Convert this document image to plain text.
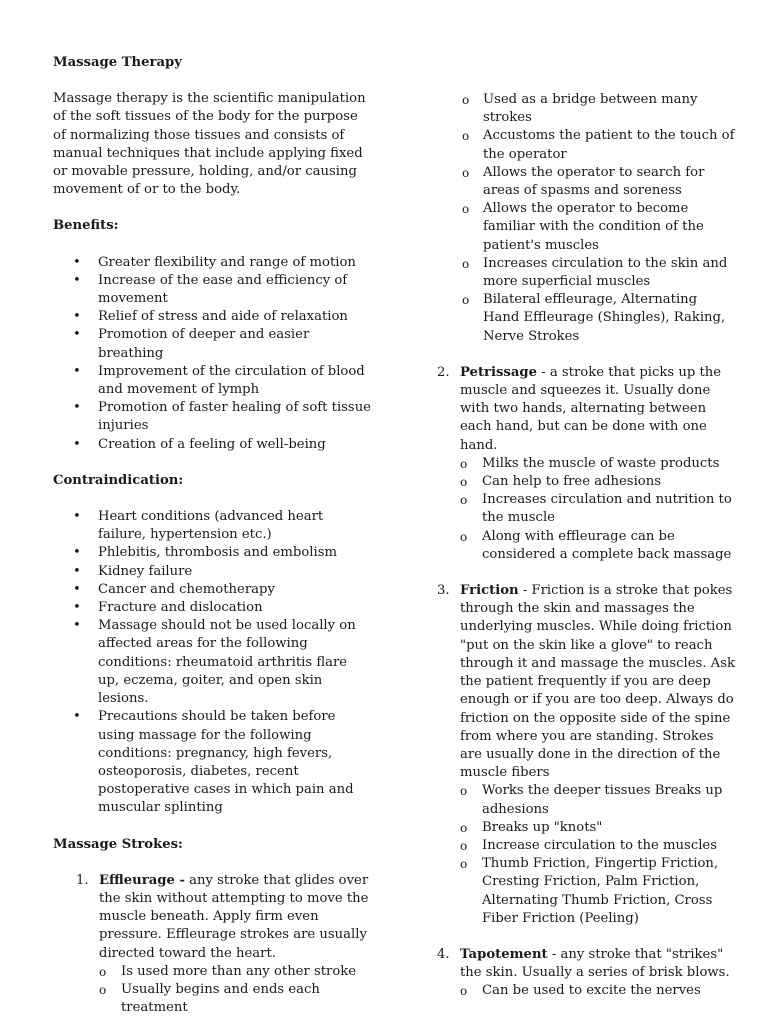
Massage Therapy

Massage therapy is the scientific manipulation of the soft tissues of the body for the purpose of normalizing those tissues and consists of manual techniques that include applying fixed or movable pressure, holding, and/or causing movement of or to the body.

Benefits:

• Greater flexibility and range of motion
• Increase of the ease and efficiency of movement
• Relief of stress and aide of relaxation
• Promotion of deeper and easier breathing
• Improvement of the circulation of blood and movement of lymph
• Promotion of faster healing of soft tissue injuries
• Creation of a feeling of well-being

Contraindication:

• Heart conditions (advanced heart failure, hypertension etc.)
• Phlebitis, thrombosis and embolism
• Kidney failure
• Cancer and chemotherapy
• Fracture and dislocation
• Massage should not be used locally on affected areas for the following conditions: rheumatoid arthritis flare up, eczema, goiter, and open skin lesions.
• Precautions should be taken before using massage for the following conditions: pregnancy, high fevers, osteoporosis, diabetes, recent postoperative cases in which pain and muscular splinting

Massage Strokes:

1. Effleurage - any stroke that glides over the skin without attempting to move the muscle beneath. Apply firm even pressure. Effleurage strokes are usually directed toward the heart.

o Is used more than any other stroke
o Usually begins and ends each treatment
o Used as a bridge between many strokes
o Accustoms the patient to the touch of the operator
o Allows the operator to search for areas of spasms and soreness
o Allows the operator to become familiar with the condition of the patient's muscles
o Increases circulation to the skin and more superficial muscles
o Bilateral effleurage, Alternating Hand Effleurage (Shingles), Raking, Nerve Strokes
2. Petrissage - a stroke that picks up the muscle and squeezes it. Usually done with two hands, alternating between each hand, but can be done with one hand.

o Milks the muscle of waste products
o Can help to free adhesions
o Increases circulation and nutrition to the muscle
o Along with effleurage can be considered a complete back massage
3. Friction - Friction is a stroke that pokes through the skin and massages the underlying muscles. While doing friction "put on the skin like a glove" to reach through it and massage the muscles. Ask the patient frequently if you are deep enough or if you are too deep. Always do friction on the opposite side of the spine from where you are standing. Strokes are usually done in the direction of the muscle fibers

o Works the deeper tissues Breaks up adhesions
o Breaks up "knots"
o Increase circulation to the muscles
o Thumb Friction, Fingertip Friction, Cresting Friction, Palm Friction, Alternating Thumb Friction, Cross Fiber Friction (Peeling)
4. Tapotement - any stroke that "strikes" the skin. Usually a series of brisk blows.

o Can be used to excite the nerves
